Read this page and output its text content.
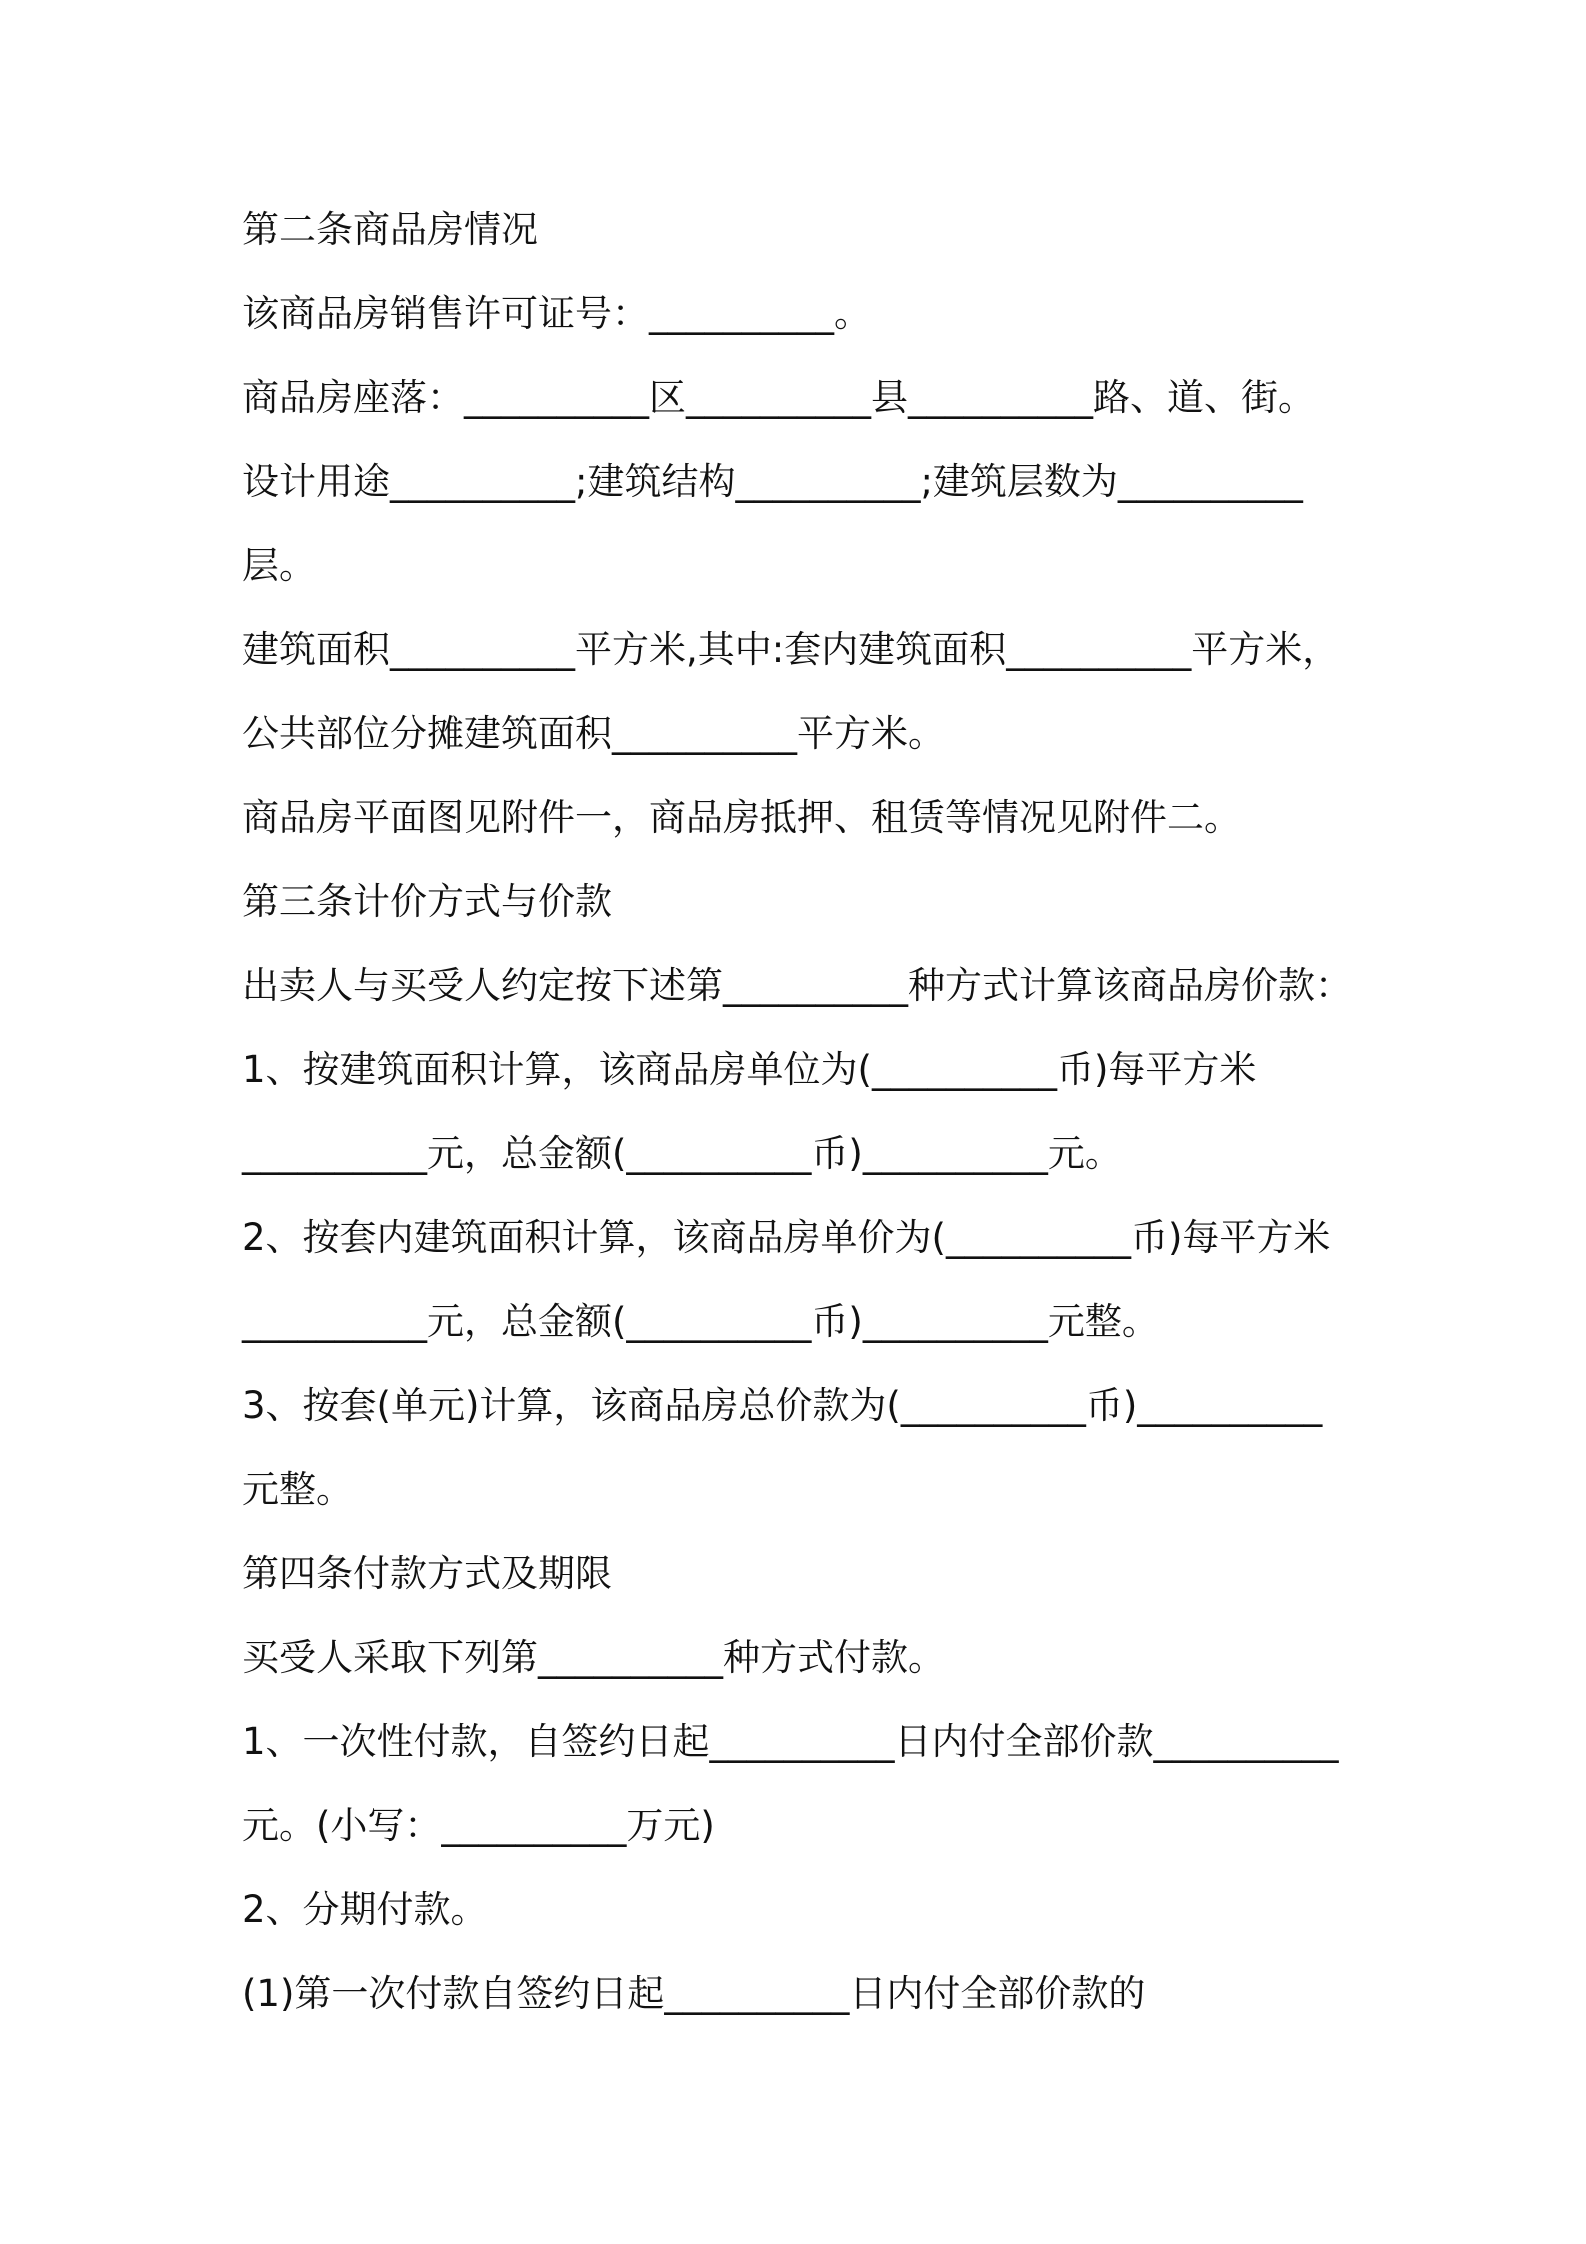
第二条商品房情况
该商品房销售许可证号：__________。
商品房座落：__________区__________县__________路、道、街。
设计用途__________;建筑结构__________;建筑层数为__________
层。
建筑面积__________平方米,其中:套内建筑面积__________平方米，
公共部位分摊建筑面积__________平方米。
商品房平面图见附件一，商品房抵押、租赁等情况见附件二。
第三条计价方式与价款
出卖人与买受人约定按下述第__________种方式计算该商品房价款：
1、按建筑面积计算，该商品房单位为(__________币)每平方米
__________元，总金额(__________币)__________元。
2、按套内建筑面积计算，该商品房单价为(__________币)每平方米
__________元，总金额(__________币)__________元整。
3、按套(单元)计算，该商品房总价款为(__________币)__________
元整。
第四条付款方式及期限
买受人采取下列第__________种方式付款。
1、一次性付款，自签约日起__________日内付全部价款__________
元。(小写：__________万元)
2、分期付款。
(1)第一次付款自签约日起__________日内付全部价款的
